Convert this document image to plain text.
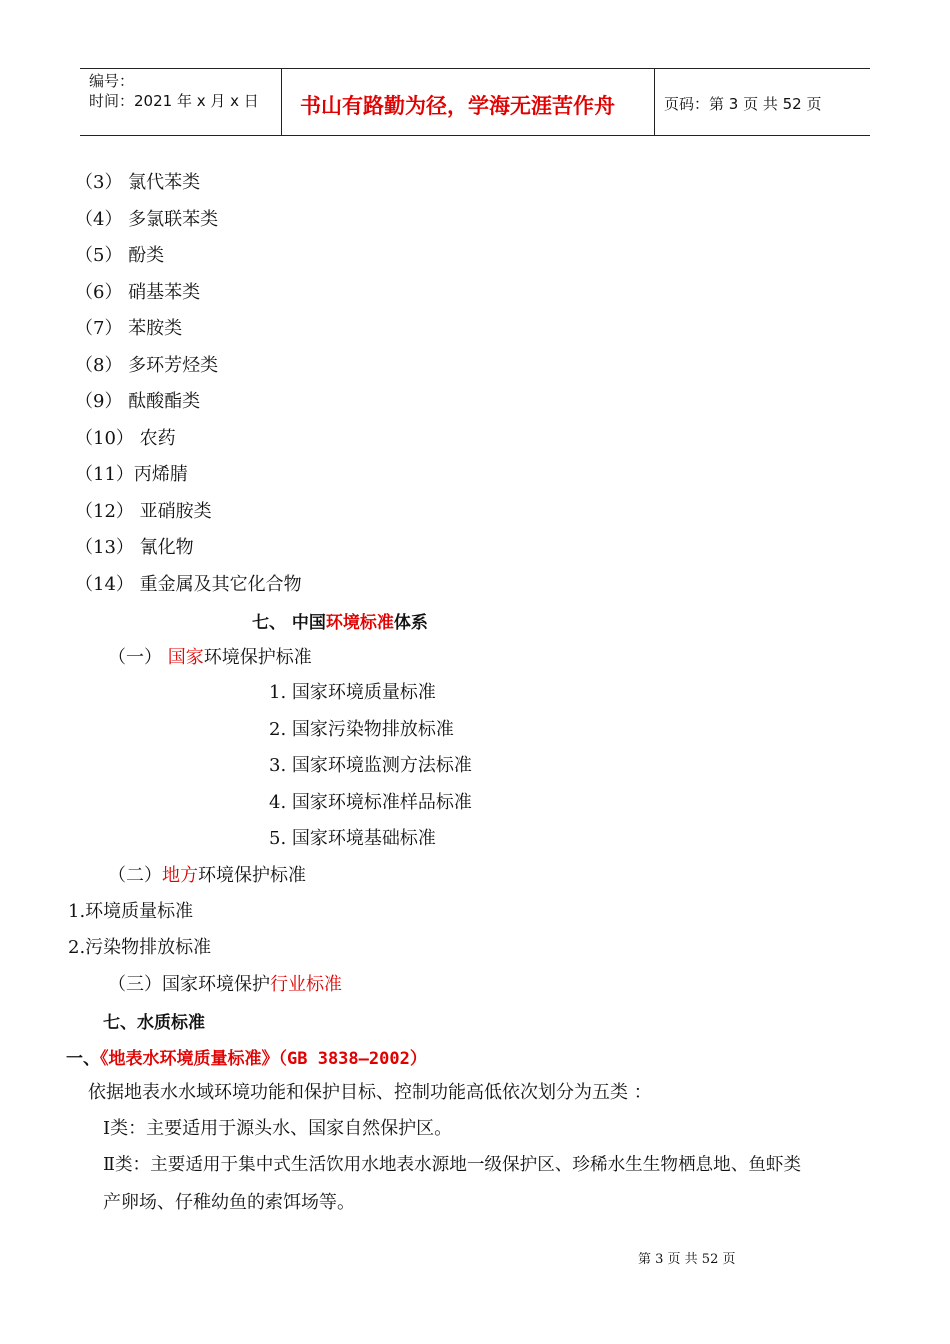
编号：
时间：2021 年 x 月 x 日 书山有路勤为径，学海无涯苦作舟	页码：第 3 页 共 52 页
（3） 氯代苯类
（4） 多氯联苯类
（5） 酚类
（6） 硝基苯类
（7） 苯胺类
（8） 多环芳烃类
（9） 酞酸酯类
（10） 农药
（11）丙烯腈
（12） 亚硝胺类
（13） 氰化物
（14） 重金属及其它化合物
七、 中国环境标准体系
（一） 国家环境保护标准
1. 国家环境质量标准
2. 国家污染物排放标准
3. 国家环境监测方法标准
4. 国家环境标准样品标准
5. 国家环境基础标准
（二）地方环境保护标准
1.环境质量标准
2.污染物排放标准
（三）国家环境保护行业标准
七、水质标准
一、《地表水环境质量标准》（GB 3838—2002）
依据地表水水域环境功能和保护目标、控制功能高低依次划分为五类 ：
Ⅰ类：主要适用于源头水、国家自然保护区。
Ⅱ类：主要适用于集中式生活饮用水地表水源地一级保护区、珍稀水生生物栖息地、鱼虾类
产卵场、仔稚幼鱼的索饵场等。
第 3 页 共 52 页
